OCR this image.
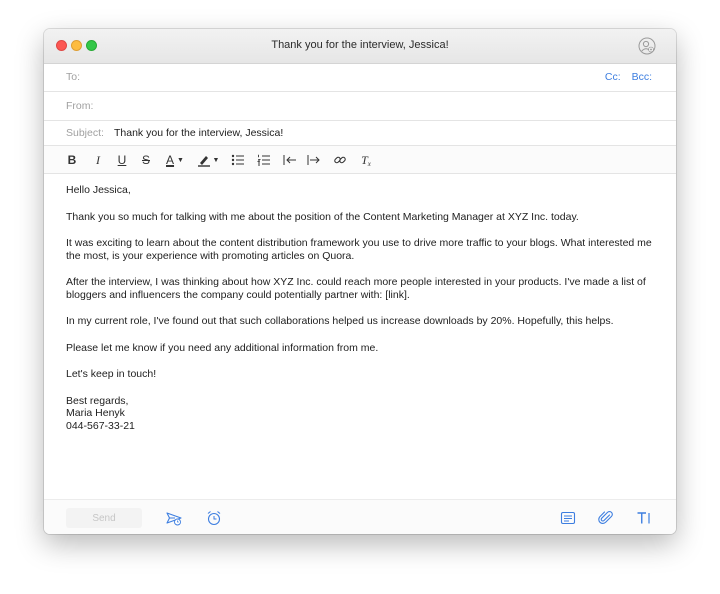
Thank you for the interview, Jessica!
To:	Cc: Bcc:
From:
Subject: Thank you for the interview, Jessica!
B I U S A ▼	▼	T x

Hello Jessica,

Thank you so much for talking with me about the position of the Content Marketing Manager at XYZ Inc. today.

It was exciting to learn about the content distribution framework you use to drive more traffic to your blogs. What interested me the most, is your experience with promoting articles on Quora.

After the interview, I was thinking about how XYZ Inc. could reach more people interested in your products. I've made a list of bloggers and influencers the company could potentially partner with: [link].

In my current role, I've found out that such collaborations helped us increase downloads by 20%. Hopefully, this helps.

Please let me know if you need any additional information from me.

Let's keep in touch!

Best regards,
Maria Henyk
044-567-33-21

Send
